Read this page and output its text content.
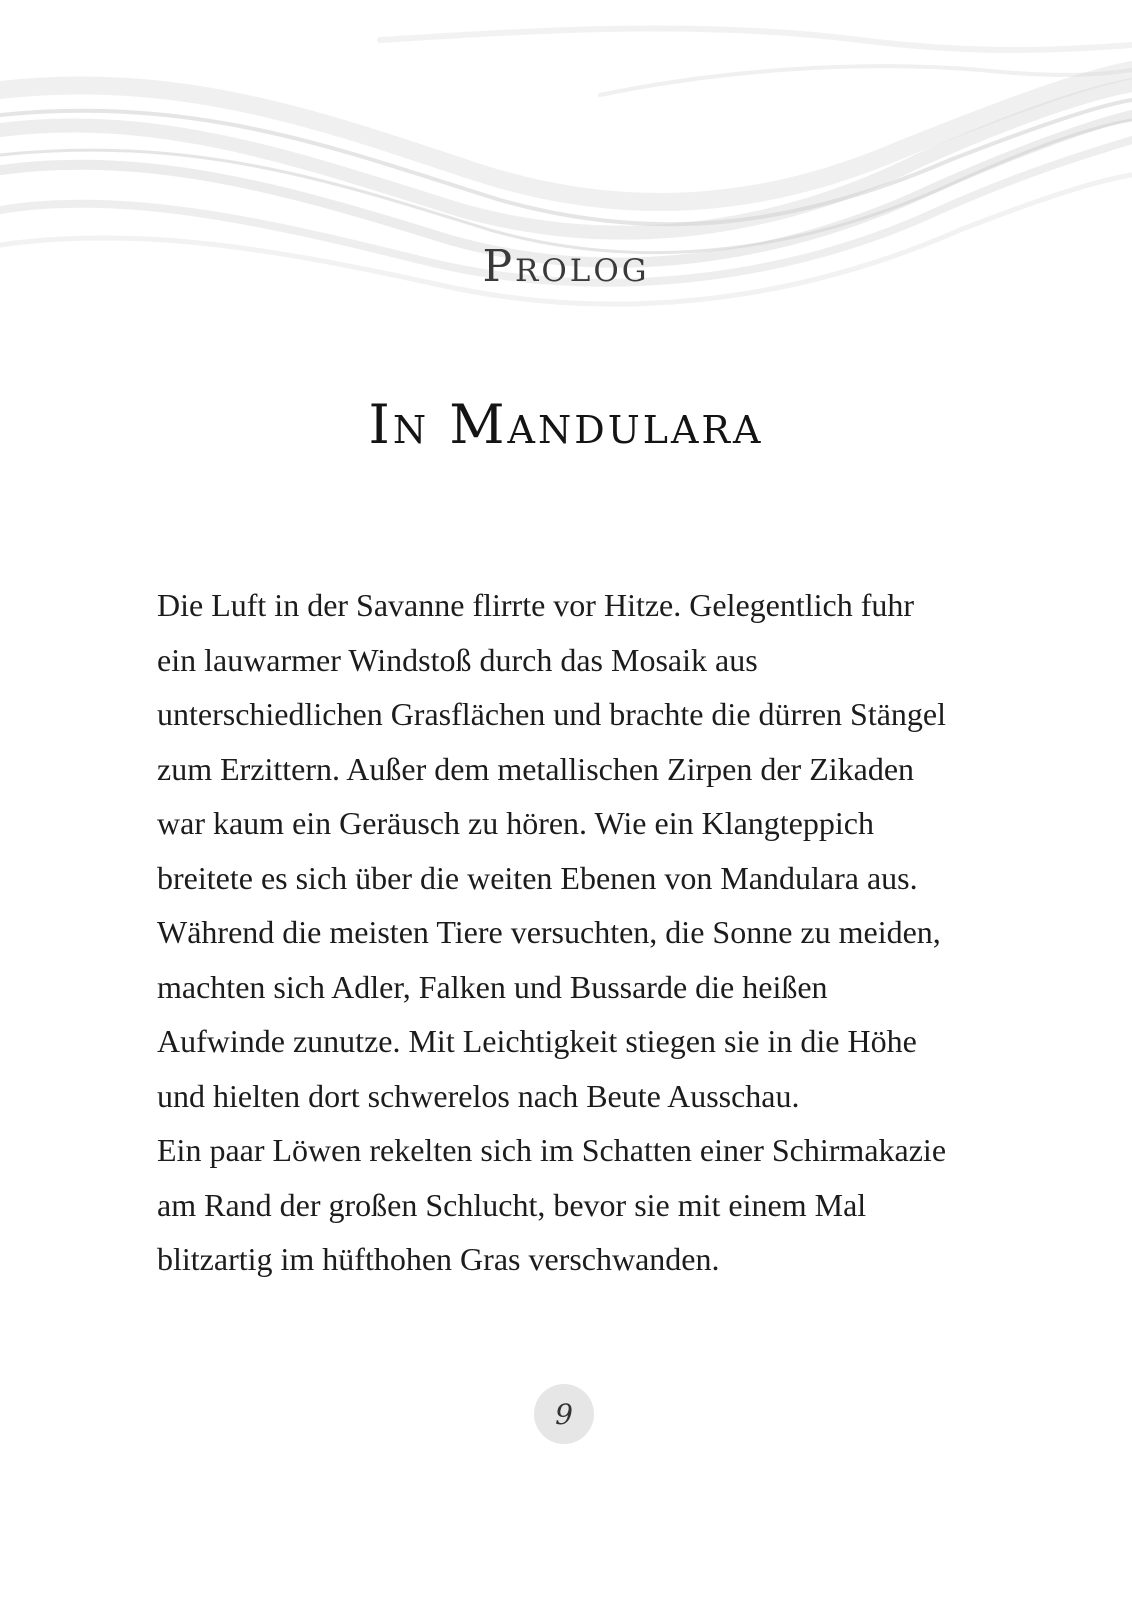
Prolog
In Mandulara

Die Luft in der Savanne flirrte vor Hitze. Gelegentlich fuhr ein lauwarmer Windstoß durch das Mosaik aus unterschiedlichen Grasflächen und brachte die dürren Stängel zum Erzittern. Außer dem metallischen Zirpen der Zikaden war kaum ein Geräusch zu hören. Wie ein Klangteppich breitete es sich über die weiten Ebenen von Mandulara aus. Während die meisten Tiere versuchten, die Sonne zu meiden, machten sich Adler, Falken und Bussarde die heißen Aufwinde zunutze. Mit Leichtigkeit stiegen sie in die Höhe und hielten dort schwerelos nach Beute Ausschau.

Ein paar Löwen rekelten sich im Schatten einer Schirmakazie am Rand der großen Schlucht, bevor sie mit einem Mal blitzartig im hüfthohen Gras verschwanden.

9
